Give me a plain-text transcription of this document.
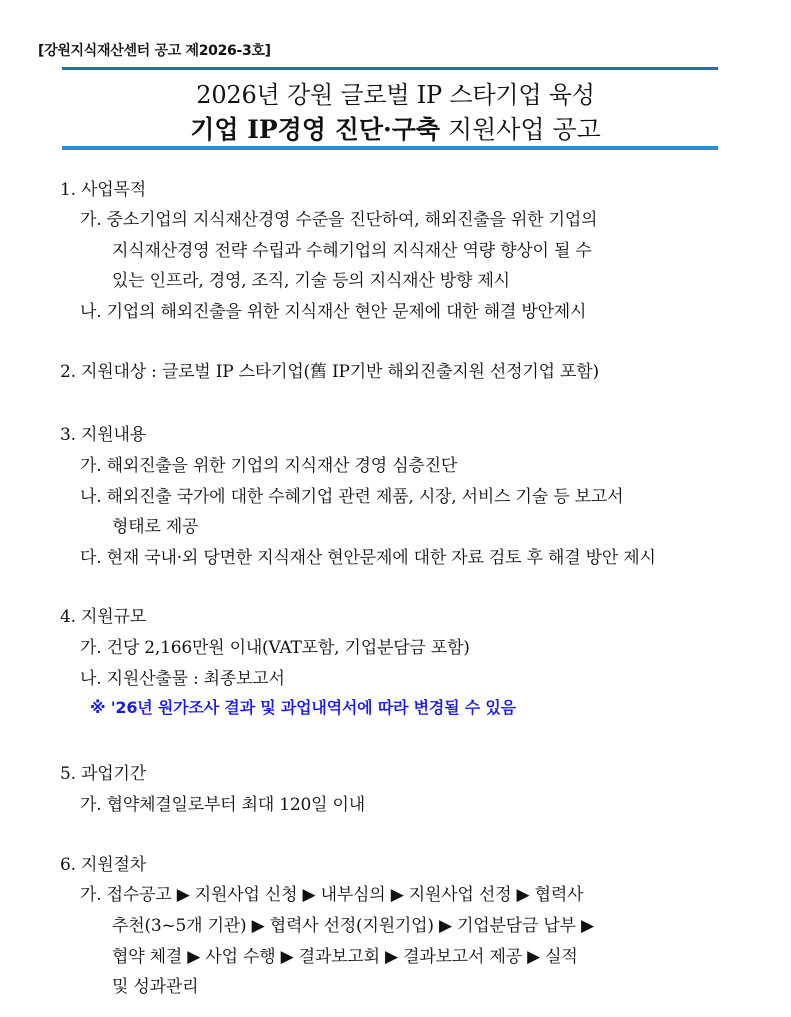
[강원지식재산센터 공고 제2026-3호]
2026년 강원 글로벌 IP 스타기업 육성
기업 IP경영 진단·구축 지원사업 공고
1. 사업목적
가. 중소기업의 지식재산경영 수준을 진단하여, 해외진출을 위한 기업의
지식재산경영 전략 수립과 수혜기업의 지식재산 역량 향상이 될 수
있는 인프라, 경영, 조직, 기술 등의 지식재산 방향 제시
나. 기업의 해외진출을 위한 지식재산 현안 문제에 대한 해결 방안제시
2. 지원대상 : 글로벌 IP 스타기업(舊 IP기반 해외진출지원 선정기업 포함)
3. 지원내용
가. 해외진출을 위한 기업의 지식재산 경영 심층진단
나. 해외진출 국가에 대한 수혜기업 관련 제품, 시장, 서비스 기술 등 보고서
형태로 제공
다. 현재 국내·외 당면한 지식재산 현안문제에 대한 자료 검토 후 해결 방안 제시
4. 지원규모
가. 건당 2,166만원 이내(VAT포함, 기업분담금 포함)
나. 지원산출물 : 최종보고서
※ '26년 원가조사 결과 및 과업내역서에 따라 변경될 수 있음
5. 과업기간
가. 협약체결일로부터 최대 120일 이내
6. 지원절차
가. 접수공고 ▶ 지원사업 신청 ▶ 내부심의 ▶ 지원사업 선정 ▶ 협력사
추천(3~5개 기관) ▶ 협력사 선정(지원기업) ▶ 기업분담금 납부 ▶
협약 체결 ▶ 사업 수행 ▶ 결과보고회 ▶ 결과보고서 제공 ▶ 실적
및 성과관리
